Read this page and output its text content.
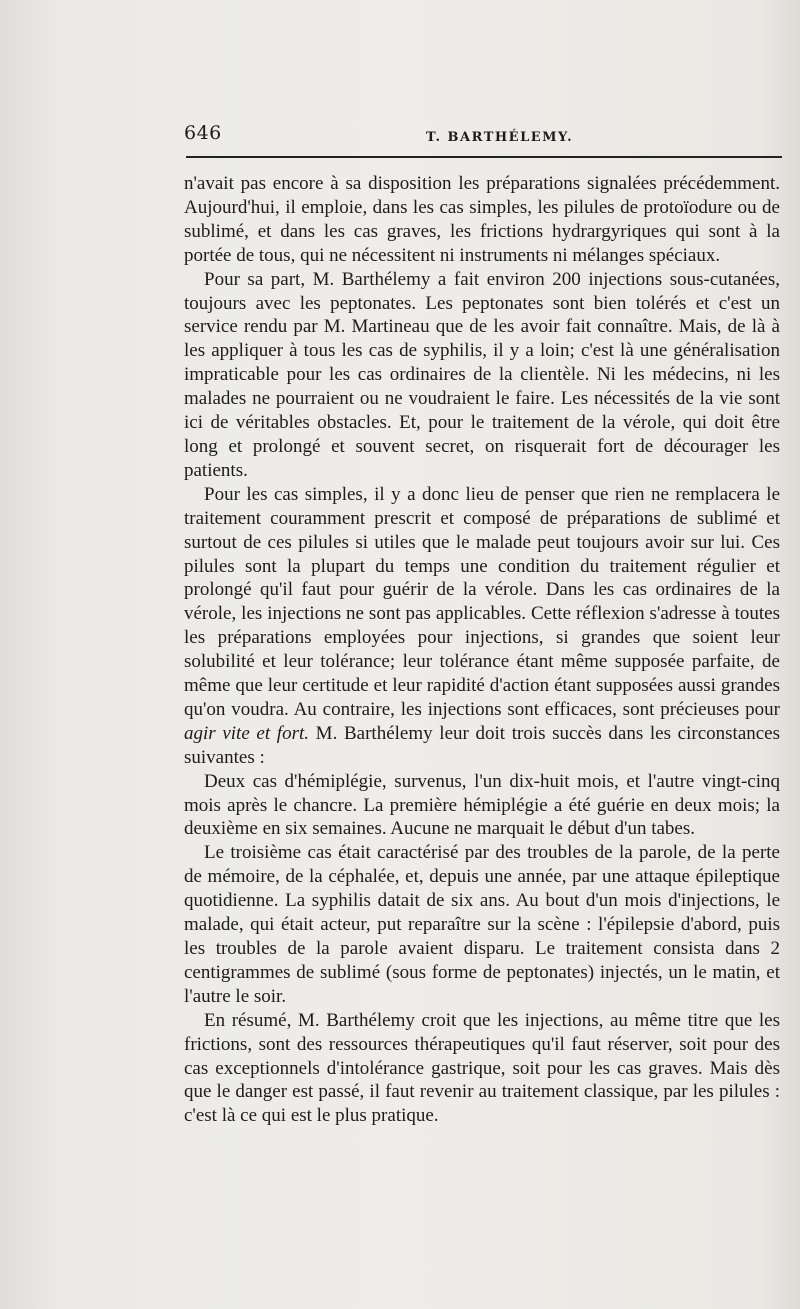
646	T. BARTHÉLEMY.

n'avait pas encore à sa disposition les préparations signalées précédemment. Aujourd'hui, il emploie, dans les cas simples, les pilules de protoïodure ou de sublimé, et dans les cas graves, les frictions hydrargyriques qui sont à la portée de tous, qui ne nécessitent ni instruments ni mélanges spéciaux.

Pour sa part, M. Barthélemy a fait environ 200 injections sous-cutanées, toujours avec les peptonates. Les peptonates sont bien tolérés et c'est un service rendu par M. Martineau que de les avoir fait connaître. Mais, de là à les appliquer à tous les cas de syphilis, il y a loin; c'est là une généralisation impraticable pour les cas ordinaires de la clientèle. Ni les médecins, ni les malades ne pourraient ou ne voudraient le faire. Les nécessités de la vie sont ici de véritables obstacles. Et, pour le traitement de la vérole, qui doit être long et prolongé et souvent secret, on risquerait fort de décourager les patients.

Pour les cas simples, il y a donc lieu de penser que rien ne remplacera le traitement couramment prescrit et composé de préparations de sublimé et surtout de ces pilules si utiles que le malade peut toujours avoir sur lui. Ces pilules sont la plupart du temps une condition du traitement régulier et prolongé qu'il faut pour guérir de la vérole. Dans les cas ordinaires de la vérole, les injections ne sont pas applicables. Cette réflexion s'adresse à toutes les préparations employées pour injections, si grandes que soient leur solubilité et leur tolérance; leur tolérance étant même supposée parfaite, de même que leur certitude et leur rapidité d'action étant supposées aussi grandes qu'on voudra. Au contraire, les injections sont efficaces, sont précieuses pour agir vite et fort. M. Barthélemy leur doit trois succès dans les circonstances suivantes :

Deux cas d'hémiplégie, survenus, l'un dix-huit mois, et l'autre vingt-cinq mois après le chancre. La première hémiplégie a été guérie en deux mois; la deuxième en six semaines. Aucune ne marquait le début d'un tabes.

Le troisième cas était caractérisé par des troubles de la parole, de la perte de mémoire, de la céphalée, et, depuis une année, par une attaque épileptique quotidienne. La syphilis datait de six ans. Au bout d'un mois d'injections, le malade, qui était acteur, put reparaître sur la scène : l'épilepsie d'abord, puis les troubles de la parole avaient disparu. Le traitement consista dans 2 centigrammes de sublimé (sous forme de peptonates) injectés, un le matin, et l'autre le soir.

En résumé, M. Barthélemy croit que les injections, au même titre que les frictions, sont des ressources thérapeutiques qu'il faut réserver, soit pour des cas exceptionnels d'intolérance gastrique, soit pour les cas graves. Mais dès que le danger est passé, il faut revenir au traitement classique, par les pilules : c'est là ce qui est le plus pratique.
